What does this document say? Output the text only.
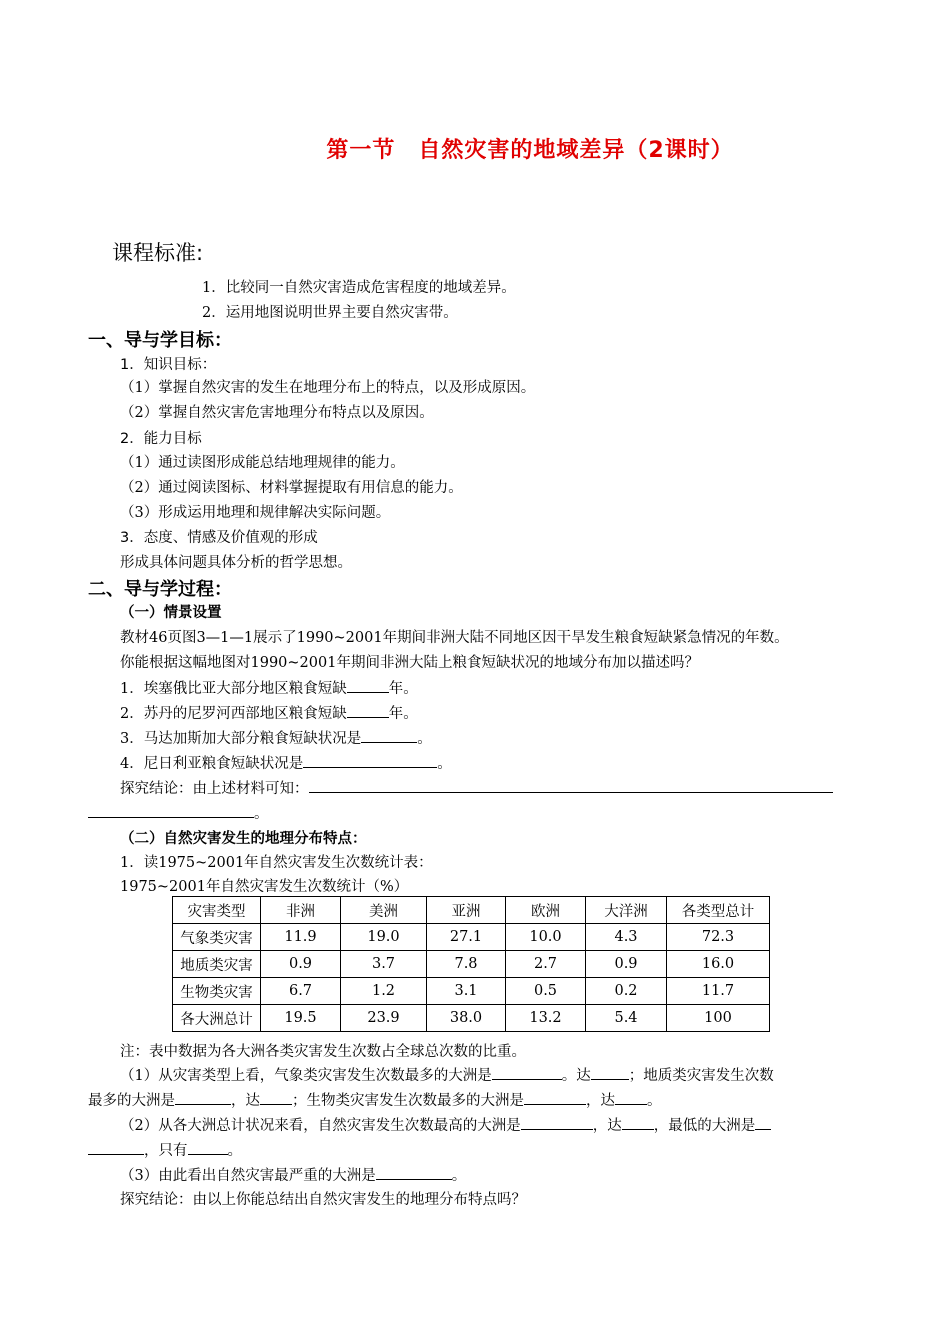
第一节　自然灾害的地域差异（2课时）
课程标准:
1．比较同一自然灾害造成危害程度的地域差异。
2．运用地图说明世界主要自然灾害带。
一、导与学目标：
1．知识目标：
（1）掌握自然灾害的发生在地理分布上的特点，以及形成原因。
（2）掌握自然灾害危害地理分布特点以及原因。
2．能力目标
（1）通过读图形成能总结地理规律的能力。
（2）通过阅读图标、材料掌握提取有用信息的能力。
（3）形成运用地理和规律解决实际问题。
3．态度、情感及价值观的形成
形成具体问题具体分析的哲学思想。
二、导与学过程：
（一）情景设置
教材46页图3—1—1展示了1990~2001年期间非洲大陆不同地区因干旱发生粮食短缺紧急情况的年数。
你能根据这幅地图对1990~2001年期间非洲大陆上粮食短缺状况的地域分布加以描述吗？
1．埃塞俄比亚大部分地区粮食短缺	年。
2．苏丹的尼罗河西部地区粮食短缺	年。
3．马达加斯加大部分粮食短缺状况是	。
4．尼日利亚粮食短缺状况是	。
探究结论：由上述材料可知：
。
（二）自然灾害发生的地理分布特点：
1．读1975~2001年自然灾害发生次数统计表：
1975~2001年自然灾害发生次数统计（%）
灾害类型	非洲	美洲	亚洲	欧洲	大洋洲	各类型总计
气象类灾害	11.9	19.0	27.1	10.0	4.3	72.3
地质类灾害	0.9	3.7	7.8	2.7	0.9	16.0
生物类灾害	6.7	1.2	3.1	0.5	0.2	11.7
各大洲总计	19.5	23.9	38.0	13.2	5.4	100
注：表中数据为各大洲各类灾害发生次数占全球总次数的比重。
（1）从灾害类型上看，气象类灾害发生次数最多的大洲是	。达	；地质类灾害发生次数
最多的大洲是	，达 ；生物类灾害发生次数最多的大洲是	，达 。
（2）从各大洲总计状况来看，自然灾害发生次数最高的大洲是	，达 ，最低的大洲是
，只有	。
（3）由此看出自然灾害最严重的大洲是	。
探究结论：由以上你能总结出自然灾害发生的地理分布特点吗？
